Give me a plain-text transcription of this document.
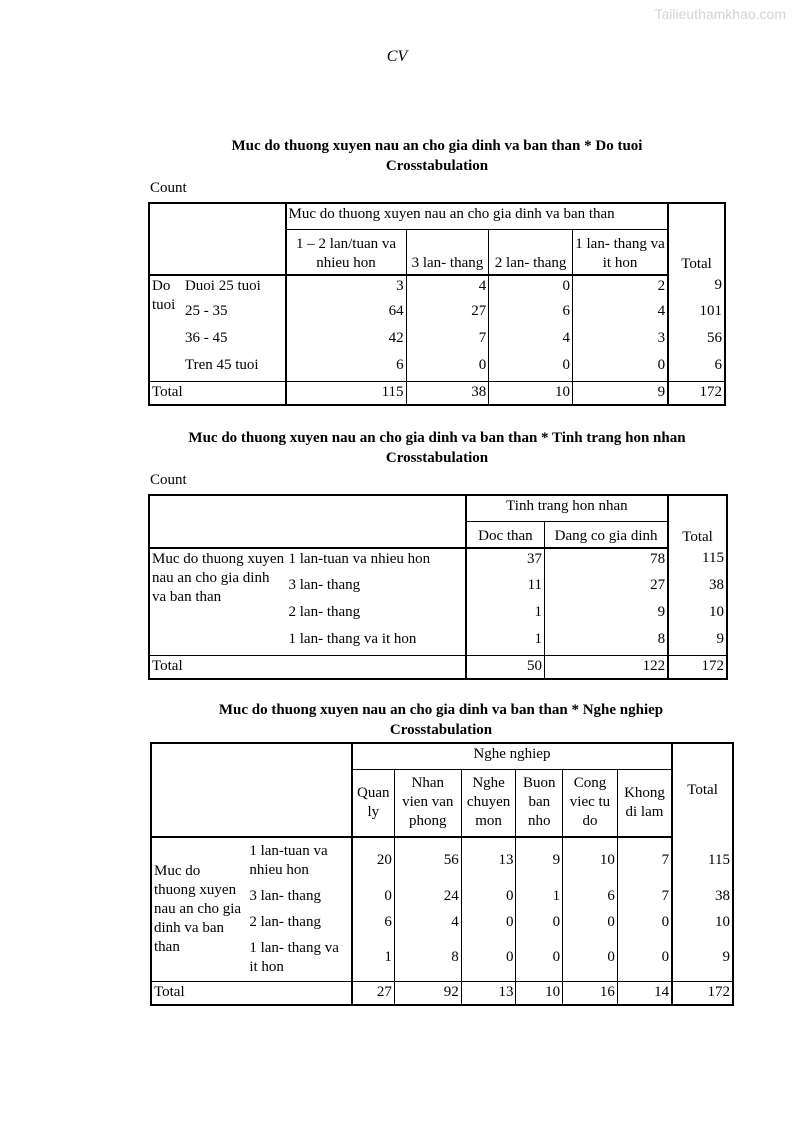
Tailieuthamkhao.com
CV
Muc do thuong xuyen nau an cho gia dinh va ban than * Do tuoi
Crosstabulation
Count
		Muc do thuong xuyen nau an cho gia dinh va ban than				Total
		1 – 2 lan/tuan va nhieu hon	3 lan- thang	2 lan- thang	1 lan- thang va it hon	
Do tuoi	Duoi 25 tuoi	3	4	0	2	9
	25 - 35	64	27	6	4	101
	36 - 45	42	7	4	3	56
	Tren 45 tuoi	6	0	0	0	6
Total		115	38	10	9	172
Muc do thuong xuyen nau an cho gia dinh va ban than * Tinh trang hon nhan
Crosstabulation
Count
		Tinh trang hon nhan		Total
		Doc than	Dang co gia dinh	
Muc do thuong xuyen nau an cho gia dinh va ban than	1 lan-tuan va nhieu hon	37	78	115
	3 lan- thang	11	27	38
	2 lan- thang	1	9	10
	1 lan- thang va it hon	1	8	9
Total		50	122	172
Muc do thuong xuyen nau an cho gia dinh va ban than * Nghe nghiep
Crosstabulation
		Nghe nghiep						Total
		Quan ly	Nhan vien van phong	Nghe chuyen mon	Buon ban nho	Cong viec tu do	Khong di lam	
Muc do thuong xuyen nau an cho gia dinh va ban than	1 lan-tuan va nhieu hon	20	56	13	9	10	7	115
	3 lan- thang	0	24	0	1	6	7	38
	2 lan- thang	6	4	0	0	0	0	10
	1 lan- thang va it hon	1	8	0	0	0	0	9
Total		27	92	13	10	16	14	172
